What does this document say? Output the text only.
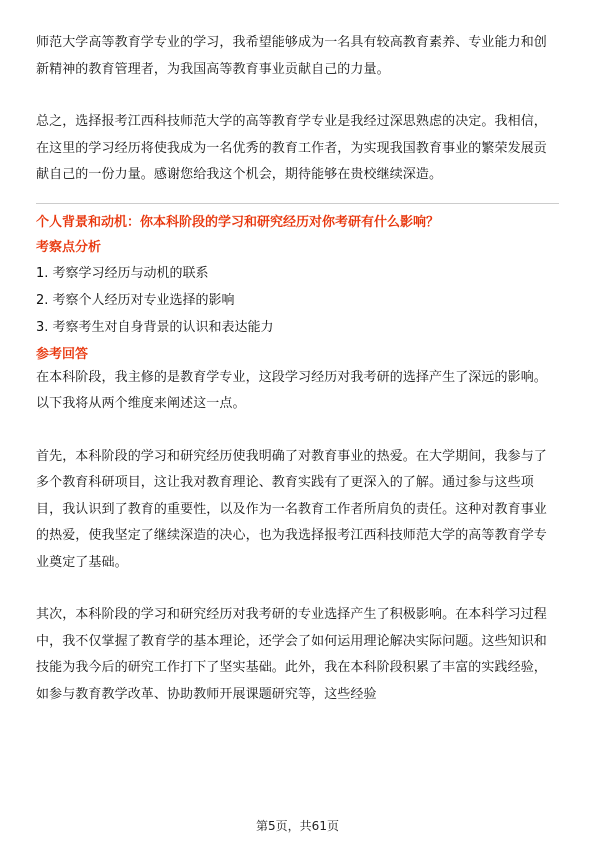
师范大学高等教育学专业的学习，我希望能够成为一名具有较高教育素养、专业能力和创新精神的教育管理者，为我国高等教育事业贡献自己的力量。

总之，选择报考江西科技师范大学的高等教育学专业是我经过深思熟虑的决定。我相信，在这里的学习经历将使我成为一名优秀的教育工作者，为实现我国教育事业的繁荣发展贡献自己的一份力量。感谢您给我这个机会，期待能够在贵校继续深造。

个人背景和动机：你本科阶段的学习和研究经历对你考研有什么影响？
考察点分析
1. 考察学习经历与动机的联系
2. 考察个人经历对专业选择的影响
3. 考察考生对自身背景的认识和表达能力
参考回答

在本科阶段，我主修的是教育学专业，这段学习经历对我考研的选择产生了深远的影响。以下我将从两个维度来阐述这一点。

首先，本科阶段的学习和研究经历使我明确了对教育事业的热爱。在大学期间，我参与了多个教育科研项目，这让我对教育理论、教育实践有了更深入的了解。通过参与这些项目，我认识到了教育的重要性，以及作为一名教育工作者所肩负的责任。这种对教育事业的热爱，使我坚定了继续深造的决心，也为我选择报考江西科技师范大学的高等教育学专业奠定了基础。

其次，本科阶段的学习和研究经历对我考研的专业选择产生了积极影响。在本科学习过程中，我不仅掌握了教育学的基本理论，还学会了如何运用理论解决实际问题。这些知识和技能为我今后的研究工作打下了坚实基础。此外，我在本科阶段积累了丰富的实践经验，如参与教育教学改革、协助教师开展课题研究等，这些经验

第5页，共61页
